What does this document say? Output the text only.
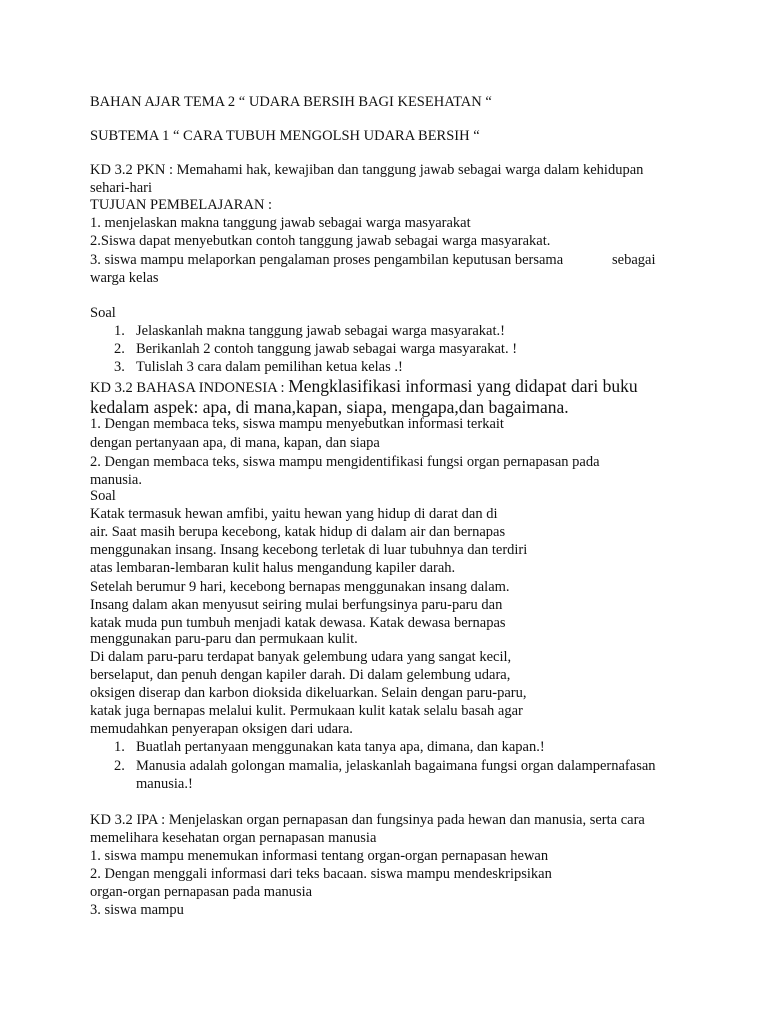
BAHAN AJAR TEMA 2 “ UDARA BERSIH BAGI KESEHATAN “
SUBTEMA 1 “ CARA TUBUH MENGOLSH UDARA BERSIH “
KD 3.2 PKN : Memahami hak, kewajiban dan tanggung jawab sebagai warga dalam kehidupan
sehari-hari
TUJUAN PEMBELAJARAN :
1. menjelaskan makna tanggung jawab sebagai warga masyarakat
2.Siswa dapat menyebutkan contoh tanggung jawab sebagai warga masyarakat.
3. siswa mampu melaporkan pengalaman proses pengambilan keputusan bersama	sebagai
warga kelas
Soal
1. Jelaskanlah makna tanggung jawab sebagai warga masyarakat.!
2. Berikanlah 2 contoh tanggung jawab sebagai warga masyarakat. !
3. Tulislah 3 cara dalam pemilihan ketua kelas .!
KD 3.2 BAHASA INDONESIA : Mengklasifikasi informasi yang didapat dari buku
kedalam aspek: apa, di mana,kapan, siapa, mengapa,dan bagaimana.
1. Dengan membaca teks, siswa mampu menyebutkan informasi terkait
dengan pertanyaan apa, di mana, kapan, dan siapa
2. Dengan membaca teks, siswa mampu mengidentifikasi fungsi organ pernapasan pada
manusia.
Soal
Katak termasuk hewan amfibi, yaitu hewan yang hidup di darat dan di
air. Saat masih berupa kecebong, katak hidup di dalam air dan bernapas
menggunakan insang. Insang kecebong terletak di luar tubuhnya dan terdiri
atas lembaran-lembaran kulit halus mengandung kapiler darah.
Setelah berumur 9 hari, kecebong bernapas menggunakan insang dalam.
Insang dalam akan menyusut seiring mulai berfungsinya paru-paru dan
katak muda pun tumbuh menjadi katak dewasa. Katak dewasa bernapas
menggunakan paru-paru dan permukaan kulit.
Di dalam paru-paru terdapat banyak gelembung udara yang sangat kecil,
berselaput, dan penuh dengan kapiler darah. Di dalam gelembung udara,
oksigen diserap dan karbon dioksida dikeluarkan. Selain dengan paru-paru,
katak juga bernapas melalui kulit. Permukaan kulit katak selalu basah agar
memudahkan penyerapan oksigen dari udara.
1. Buatlah pertanyaan menggunakan kata tanya apa, dimana, dan kapan.!
2. Manusia adalah golongan mamalia, jelaskanlah bagaimana fungsi organ dalampernafasan
manusia.!
KD 3.2 IPA : Menjelaskan organ pernapasan dan fungsinya pada hewan dan manusia, serta cara
memelihara kesehatan organ pernapasan manusia
1. siswa mampu menemukan informasi tentang organ-organ pernapasan hewan
2. Dengan menggali informasi dari teks bacaan. siswa mampu mendeskripsikan
organ-organ pernapasan pada manusia
3. siswa mampu
